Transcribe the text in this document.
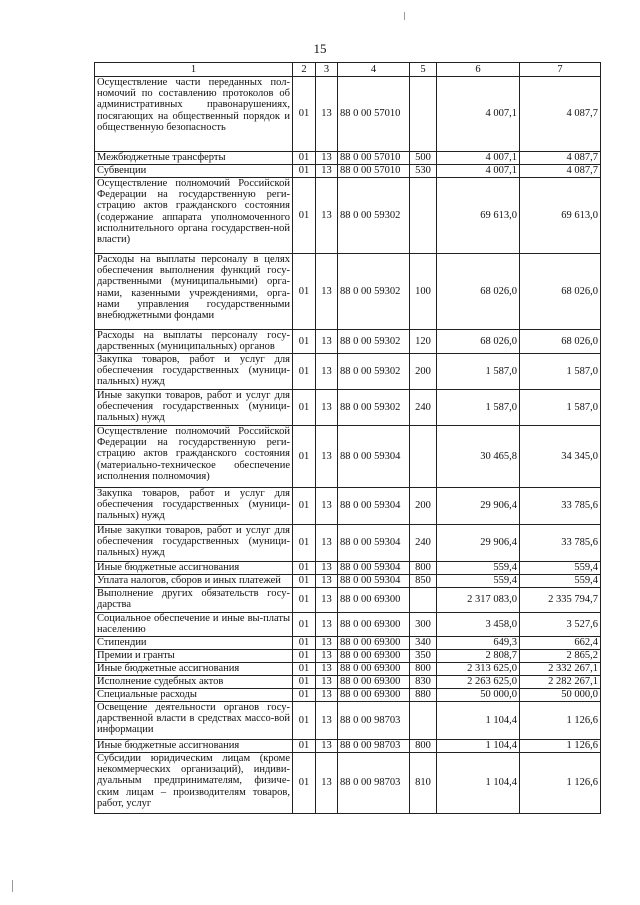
15
1	2	3	4	5	6	7
Осуществление части переданных пол-номочий по составлению протоколов об административных правонарушениях, посягающих на общественный порядок и общественную безопасность	01	13	88 0 00 57010		4 007,1	4 087,7
Межбюджетные трансферты	01	13	88 0 00 57010	500	4 007,1	4 087,7
Субвенции	01	13	88 0 00 57010	530	4 007,1	4 087,7
Осуществление полномочий Российской Федерации на государственную реги-страцию актов гражданского состояния (содержание аппарата уполномоченного исполнительного органа государствен-ной власти)	01	13	88 0 00 59302		69 613,0	69 613,0
Расходы на выплаты персоналу в целях обеспечения выполнения функций госу-дарственными (муниципальными) орга-нами, казенными учреждениями, орга-нами управления государственными внебюджетными фондами	01	13	88 0 00 59302	100	68 026,0	68 026,0
Расходы на выплаты персоналу госу-дарственных (муниципальных) органов	01	13	88 0 00 59302	120	68 026,0	68 026,0
Закупка товаров, работ и услуг для обеспечения государственных (муници-пальных) нужд	01	13	88 0 00 59302	200	1 587,0	1 587,0
Иные закупки товаров, работ и услуг для обеспечения государственных (муници-пальных) нужд	01	13	88 0 00 59302	240	1 587,0	1 587,0
Осуществление полномочий Российской Федерации на государственную реги-страцию актов гражданского состояния (материально-техническое обеспечение исполнения полномочия)	01	13	88 0 00 59304		30 465,8	34 345,0
Закупка товаров, работ и услуг для обеспечения государственных (муници-пальных) нужд	01	13	88 0 00 59304	200	29 906,4	33 785,6
Иные закупки товаров, работ и услуг для обеспечения государственных (муници-пальных) нужд	01	13	88 0 00 59304	240	29 906,4	33 785,6
Иные бюджетные ассигнования	01	13	88 0 00 59304	800	559,4	559,4
Уплата налогов, сборов и иных платежей	01	13	88 0 00 59304	850	559,4	559,4
Выполнение других обязательств госу-дарства	01	13	88 0 00 69300		2 317 083,0	2 335 794,7
Социальное обеспечение и иные вы-платы населению	01	13	88 0 00 69300	300	3 458,0	3 527,6
Стипендии	01	13	88 0 00 69300	340	649,3	662,4
Премии и гранты	01	13	88 0 00 69300	350	2 808,7	2 865,2
Иные бюджетные ассигнования	01	13	88 0 00 69300	800	2 313 625,0	2 332 267,1
Исполнение судебных актов	01	13	88 0 00 69300	830	2 263 625,0	2 282 267,1
Специальные расходы	01	13	88 0 00 69300	880	50 000,0	50 000,0
Освещение деятельности органов госу-дарственной власти в средствах массо-вой информации	01	13	88 0 00 98703		1 104,4	1 126,6
Иные бюджетные ассигнования	01	13	88 0 00 98703	800	1 104,4	1 126,6
Субсидии юридическим лицам (кроме некоммерческих организаций), индиви-дуальным предпринимателям, физиче-ским лицам – производителям товаров, работ, услуг	01	13	88 0 00 98703	810	1 104,4	1 126,6
